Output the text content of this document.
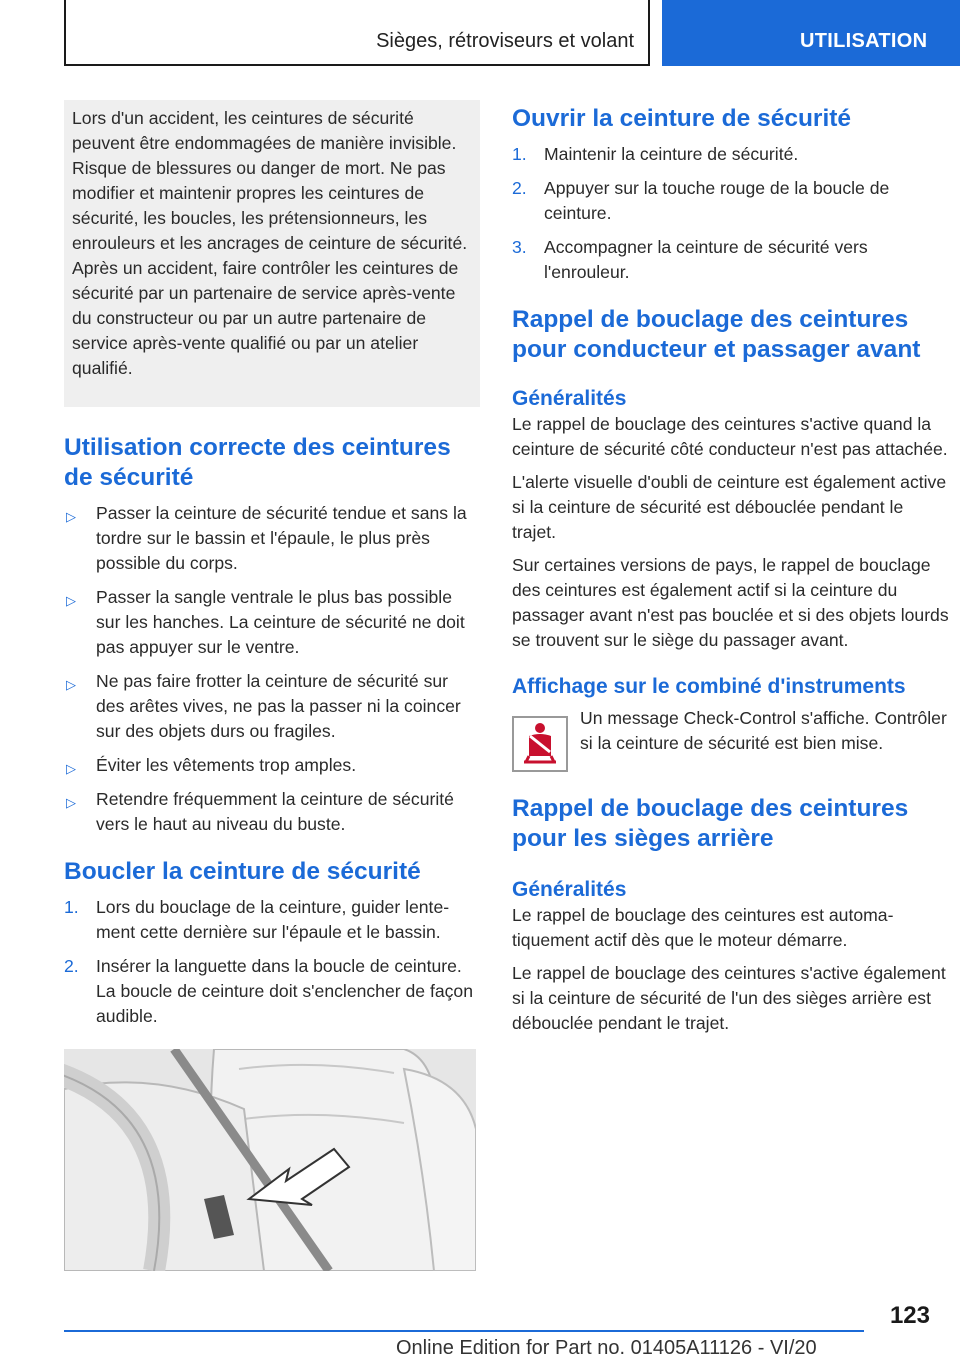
Sièges, rétroviseurs et volant	UTILISATION

Lors d'un accident, les ceintures de sécurité peuvent être endommagées de manière invisible. Risque de blessures ou danger de mort. Ne pas modifier et maintenir propres les ceintures de sécurité, les boucles, les prétensionneurs, les enrouleurs et les ancrages de ceinture de sécurité. Après un accident, faire contrôler les ceintures de sécurité par un partenaire de service après-vente du constructeur ou par un autre partenaire de service après-vente qualifié ou par un atelier qualifié.

Utilisation correcte des ceintures de sécurité
▷ Passer la ceinture de sécurité tendue et sans la tordre sur le bassin et l'épaule, le plus près possible du corps.
▷ Passer la sangle ventrale le plus bas possible sur les hanches. La ceinture de sécurité ne doit pas appuyer sur le ventre.
▷ Ne pas faire frotter la ceinture de sécurité sur des arêtes vives, ne pas la passer ni la coincer sur des objets durs ou fragiles.
▷ Éviter les vêtements trop amples.
▷ Retendre fréquemment la ceinture de sécurité vers le haut au niveau du buste.
Boucler la ceinture de sécurité
1. Lors du bouclage de la ceinture, guider lentement cette dernière sur l'épaule et le bassin.
2. Insérer la languette dans la boucle de ceinture. La boucle de ceinture doit s'enclencher de façon audible.
Ouvrir la ceinture de sécurité
1. Maintenir la ceinture de sécurité.
2. Appuyer sur la touche rouge de la boucle de ceinture.
3. Accompagner la ceinture de sécurité vers l'enrouleur.
Rappel de bouclage des ceintures pour conducteur et passager avant
Généralités

Le rappel de bouclage des ceintures s'active quand la ceinture de sécurité côté conducteur n'est pas attachée.

L'alerte visuelle d'oubli de ceinture est également active si la ceinture de sécurité est débouclée pendant le trajet.

Sur certaines versions de pays, le rappel de bouclage des ceintures est également actif si la ceinture du passager avant n'est pas bouclée et si des objets lourds se trouvent sur le siège du passager avant.

Affichage sur le combiné d'instruments

Un message Check-Control s'affiche. Contrôler si la ceinture de sécurité est bien mise.

Rappel de bouclage des ceintures pour les sièges arrière
Généralités

Le rappel de bouclage des ceintures est automatiquement actif dès que le moteur démarre.

Le rappel de bouclage des ceintures s'active également si la ceinture de sécurité de l'un des sièges arrière est débouclée pendant le trajet.

123
Online Edition for Part no. 01405A11126 - VI/20
